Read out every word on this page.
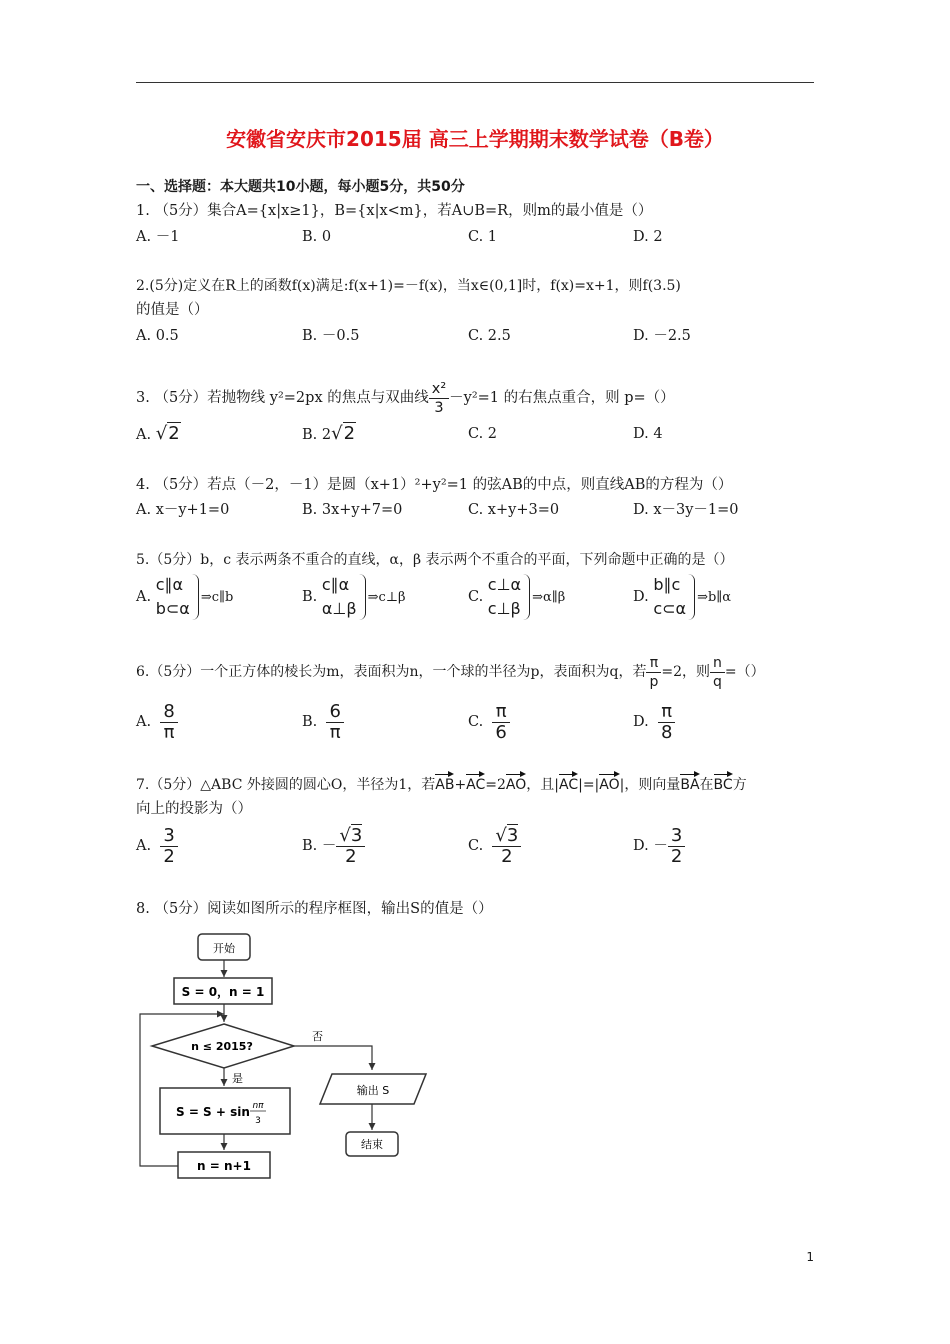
安徽省安庆市2015届 高三上学期期末数学试卷（B卷）
一、选择题：本大题共10小题，每小题5分，共50分
1. （5分）集合A={x|x≥1}，B={x|x<m}，若A∪B=R，则m的最小值是（）
A. －1	B. 0	C. 1	D. 2
2.(5分)定义在R上的函数f(x)满足:f(x+1)=－f(x)，当x∈(0,1]时，f(x)=x+1，则f(3.5)
的值是（）
A. 0.5	B. －0.5	C. 2.5	D. －2.5
3. （5分）若抛物线 y²=2px 的焦点与双曲线 $\frac{\text{x²}}{3} -y^2=1$ 的右焦点重合，则 p=（）
A. √2	B. 2√2	C. 2	D. 4
4. （5分）若点（－2，－1）是圆（x+1）²+y²=1 的弦AB的中点，则直线AB的方程为（）
A. x－y+1=0	B. 3x+y+7=0	C. x+y+3=0	D. x－3y－1=0
5.（5分）b，c 表示两条不重合的直线，α，β 表示两个不重合的平面，下列命题中正确的是（）
A.
c∥α
b⊂α
⇒c∥b	B.
c∥α
α⊥β
⇒c⊥β	C.
c⊥α
c⊥β
⇒α∥β	D.
b∥c
c⊂α
⇒b∥α
6.（5分）一个正方体的棱长为m，表面积为n，一个球的半径为p，表面积为q，若 $\frac{\pi}{p} =2$，则 $\frac{n}{q}$ =（）
A. $\frac{8}{\pi}$	B. $\frac{6}{\pi}$	C. $\frac{\pi}{6}$	D. $\frac{\pi}{8}$
7.（5分）△ABC 外接圆的圆心O，半径为1，若AB+AC=2AO，且|AC|=|AO|，则向量BA在BC方
向上的投影为（）
A. $\frac{3}{2}$	B. － $\frac{√3}{2}$	C. $\frac{√3}{2}$	D. － $\frac{3}{2}$
8. （5分）阅读如图所示的程序框图，输出S的值是（）
开始
S = 0，n = 1
n ≤ 2015?
否
输出 S
结束
是
S = S + sin nπ
3
n = n+1
1
